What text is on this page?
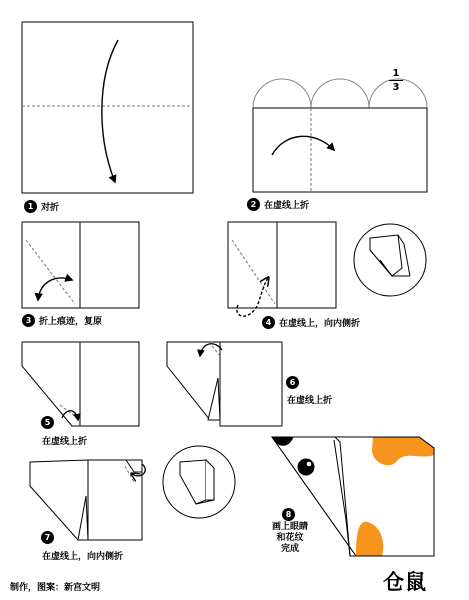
1
3
1 对折	2 在虚线上折
3 折上痕迹，复原	4 在虚线上，向内侧折
5
在虚线上折
6
在虚线上折
7
在虚线上，向内侧折
8
画上眼睛
和花纹
完成
制作，图案：新宫文明	仓鼠
